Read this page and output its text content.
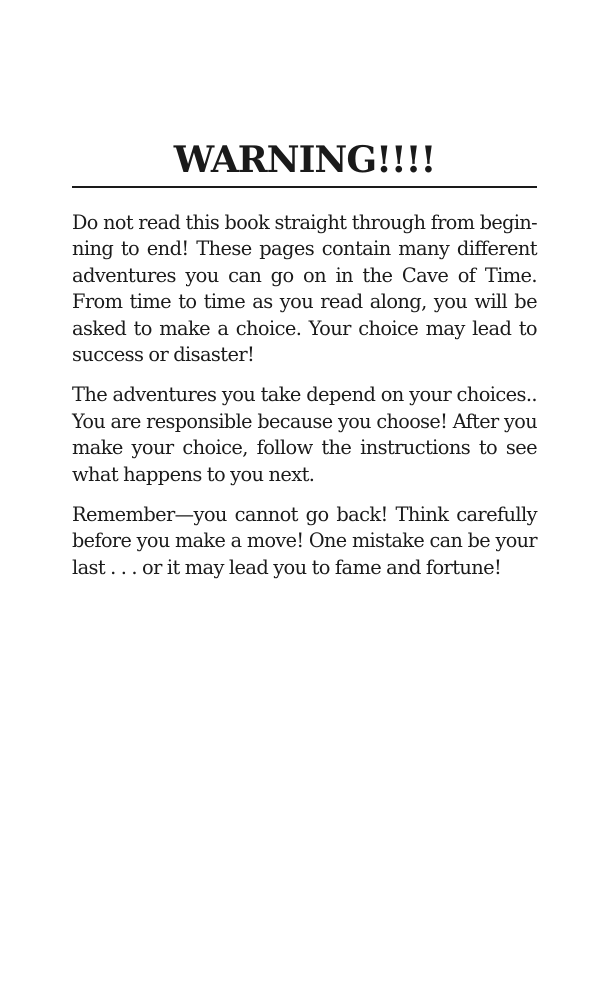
WARNING!!!!

Do not read this book straight through from begin-
ning to end! These pages contain many different
adventures you can go on in the Cave of Time.
From time to time as you read along, you will be
asked to make a choice. Your choice may lead to
success or disaster!

The adventures you take depend on your choices..
You are responsible because you choose! After you
make your choice, follow the instructions to see
what happens to you next.

Remember—you cannot go back! Think carefully
before you make a move! One mistake can be your
last . . . or it may lead you to fame and fortune!
